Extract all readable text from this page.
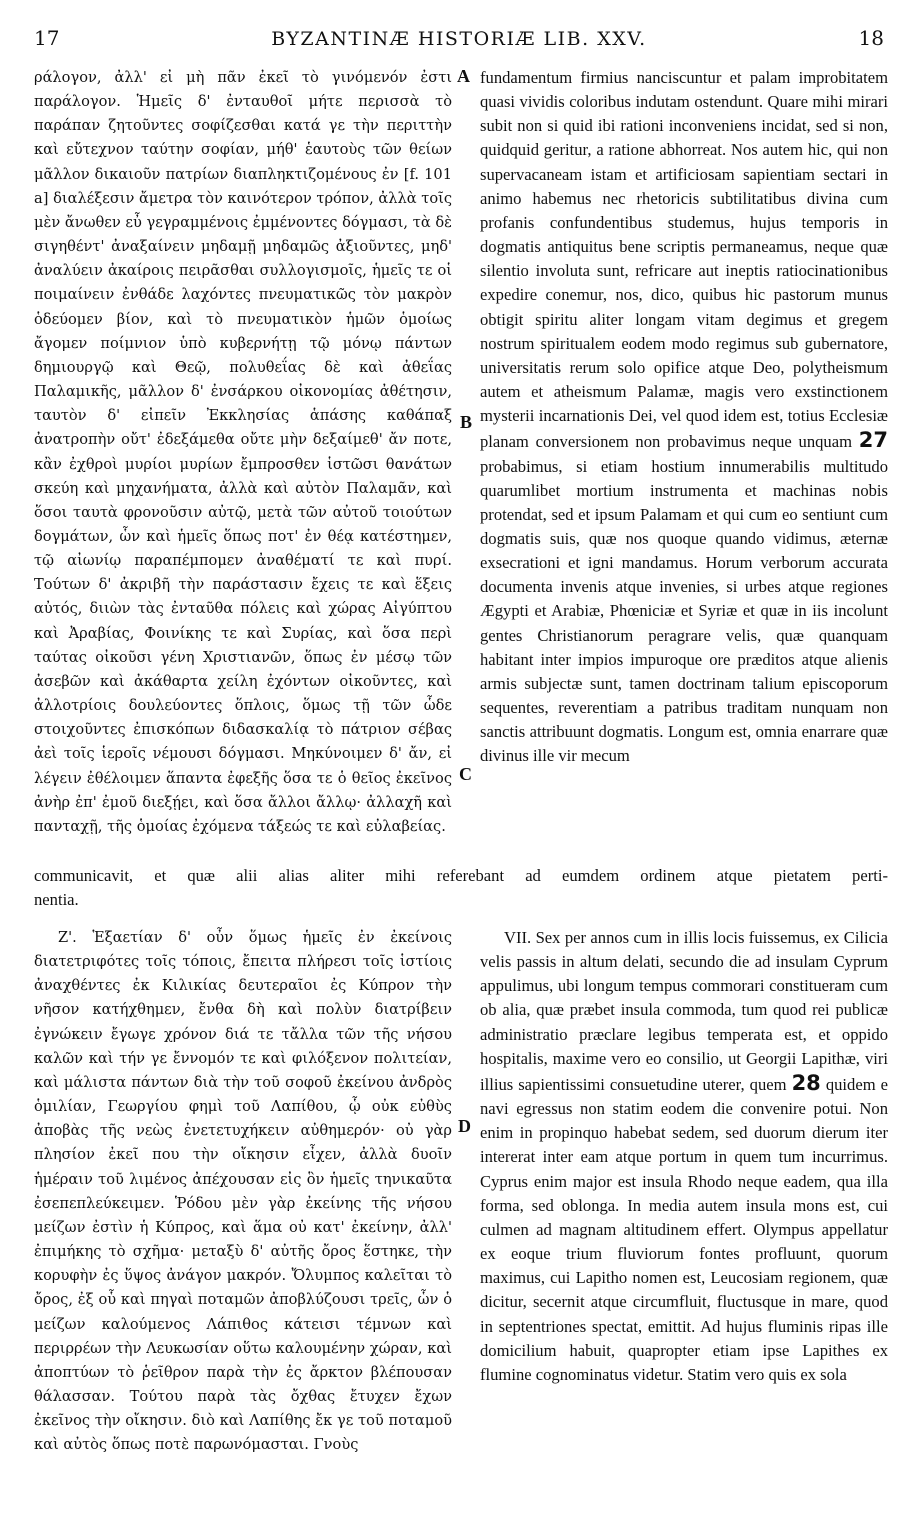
17	BYZANTINÆ HISTORIÆ LIB. XXV.	18

ράλογον, ἀλλ' εἰ μὴ πᾶν ἐκεῖ τὸ γινόμενόν ἐστι παράλογον. Ἡμεῖς δ' ἐνταυθοῖ μήτε περισσὰ τὸ παράπαν ζητοῦντες σοφίζεσθαι κατά γε τὴν περιττὴν καὶ εὔτεχνον ταύτην σοφίαν, μήθ' ἑαυτοὺς τῶν θείων μᾶλλον δικαιοῦν πατρίων διαπληκτιζομένους ἐν [f. 101 a] διαλέξεσιν ἄμετρα τὸν καινότερον τρόπον, ἀλλὰ τοῖς μὲν ἄνωθεν εὖ γεγραμμένοις ἐμμένοντες δόγμασι, τὰ δὲ σιγηθέντ' ἀναξαίνειν μηδαμῇ μηδαμῶς ἀξιοῦντες, μηδ' ἀναλύειν ἀκαίροις πειρᾶσθαι συλλογισμοῖς, ἡμεῖς τε οἱ ποιμαίνειν ἐνθάδε λαχόντες πνευματικῶς τὸν μακρὸν ὁδεύομεν βίον, καὶ τὸ πνευματικὸν ἡμῶν ὁμοίως ἄγομεν ποίμνιον ὑπὸ κυβερνήτῃ τῷ μόνῳ πάντων δημιουργῷ καὶ Θεῷ, πολυθεΐας δὲ καὶ ἀθεΐας Παλαμικῆς, μᾶλλον δ' ἐνσάρκου οἰκονομίας ἀθέτησιν, ταυτὸν δ' εἰπεῖν Ἐκκλησίας ἁπάσης καθάπαξ ἀνατροπὴν οὔτ' ἐδεξάμεθα οὔτε μὴν δεξαίμεθ' ἄν ποτε, κἂν ἐχθροὶ μυρίοι μυρίων ἔμπροσθεν ἱστῶσι θανάτων σκεύη καὶ μηχανήματα, ἀλλὰ καὶ αὐτὸν Παλαμᾶν, καὶ ὅσοι ταυτὰ φρονοῦσιν αὐτῷ, μετὰ τῶν αὐτοῦ τοιούτων δογμάτων, ὧν καὶ ἡμεῖς ὅπως ποτ' ἐν θέᾳ κατέστημεν, τῷ αἰωνίῳ παραπέμπομεν ἀναθέματί τε καὶ πυρί. Τούτων δ' ἀκριβῆ τὴν παράστασιν ἔχεις τε καὶ ἕξεις αὐτός, διιὼν τὰς ἐνταῦθα πόλεις καὶ χώρας Αἰγύπτου καὶ Ἀραβίας, Φοινίκης τε καὶ Συρίας, καὶ ὅσα περὶ ταύτας οἰκοῦσι γένη Χριστιανῶν, ὅπως ἐν μέσῳ τῶν ἀσεβῶν καὶ ἀκάθαρτα χείλη ἐχόντων οἰκοῦντες, καὶ ἀλλοτρίοις δουλεύοντες ὅπλοις, ὅμως τῇ τῶν ὧδε στοιχοῦντες ἐπισκόπων διδασκαλίᾳ τὸ πάτριον σέβας ἀεὶ τοῖς ἱεροῖς νέμουσι δόγμασι. Μηκύνοιμεν δ' ἄν, εἰ λέγειν ἐθέλοιμεν ἅπαντα ἐφεξῆς ὅσα τε ὁ θεῖος ἐκεῖνος ἀνὴρ ἐπ' ἐμοῦ διεξῄει, καὶ ὅσα ἄλλοι ἄλλῳ· ἀλλαχῆ καὶ πανταχῇ, τῆς ὁμοίας ἐχόμενα τάξεώς τε καὶ εὐλαβείας.

fundamentum firmius nanciscuntur et palam improbitatem quasi vividis coloribus indutam ostendunt. Quare mihi mirari subit non si quid ibi rationi inconveniens incidat, sed si non, quidquid geritur, a ratione abhorreat. Nos autem hic, qui non supervacaneam istam et artificiosam sapientiam sectari in animo habemus nec rhetoricis subtilitatibus divina cum profanis confundentibus studemus, hujus temporis in dogmatis antiquitus bene scriptis permaneamus, neque quæ silentio involuta sunt, refricare aut ineptis ratiocinationibus expedire conemur, nos, dico, quibus hic pastorum munus obtigit spiritu aliter longam vitam degimus et gregem nostrum spiritualem eodem modo regimus sub gubernatore, universitatis rerum solo opifice atque Deo, polytheismum autem et atheismum Palamæ, magis vero exstinctionem mysterii incarnationis Dei, vel quod idem est, totius Ecclesiæ planam conversionem non probavimus neque unquam 27 probabimus, si etiam hostium innumerabilis multitudo quarumlibet mortium instrumenta et machinas nobis protendat, sed et ipsum Palamam et qui cum eo sentiunt cum dogmatis suis, quæ nos quoque quando vidimus, æternæ exsecrationi et igni mandamus. Horum verborum accurata documenta invenis atque invenies, si urbes atque regiones Ægypti et Arabiæ, Phœniciæ et Syriæ et quæ in iis incolunt gentes Christianorum peragrare velis, quæ quanquam habitant inter impios impuroque ore præditos atque alienis armis subjectæ sunt, tamen doctrinam talium episcoporum sequentes, reverentiam a patribus traditam nunquam non sanctis attribuunt dogmatis. Longum est, omnia enarrare quæ divinus ille vir mecum

A
B
C
D

communicavit, et quæ alii alias aliter mihi referebant ad eumdem ordinem atque pietatem perti-

nentia.

Ζ'. Ἑξαετίαν δ' οὖν ὅμως ἡμεῖς ἐν ἐκείνοις διατετριφότες τοῖς τόποις, ἔπειτα πλήρεσι τοῖς ἱστίοις ἀναχθέντες ἐκ Κιλικίας δευτεραῖοι ἐς Κύπρον τὴν νῆσον κατήχθημεν, ἔνθα δὴ καὶ πολὺν διατρίβειν ἐγνώκειν ἔγωγε χρόνον διά τε τἄλλα τῶν τῆς νήσου καλῶν καὶ τήν γε ἔννομόν τε καὶ φιλόξενον πολιτείαν, καὶ μάλιστα πάντων διὰ τὴν τοῦ σοφοῦ ἐκείνου ἀνδρὸς ὁμιλίαν, Γεωργίου φημὶ τοῦ Λαπίθου, ᾧ οὐκ εὐθὺς ἀποβὰς τῆς νεὼς ἐνετετυχήκειν αὐθημερόν· οὐ γὰρ πλησίον ἐκεῖ που τὴν οἴκησιν εἶχεν, ἀλλὰ δυοῖν ἡμέραιν τοῦ λιμένος ἀπέχουσαν εἰς ὃν ἡμεῖς τηνικαῦτα ἐσεπεπλεύκειμεν. Ῥόδου μὲν γὰρ ἐκείνης τῆς νήσου μείζων ἐστὶν ἡ Κύπρος, καὶ ἅμα οὐ κατ' ἐκείνην, ἀλλ' ἐπιμήκης τὸ σχῆμα· μεταξὺ δ' αὐτῆς ὄρος ἕστηκε, τὴν κορυφὴν ἐς ὕψος ἀνάγον μακρόν. Ὄλυμπος καλεῖται τὸ ὄρος, ἐξ οὗ καὶ πηγαὶ ποταμῶν ἀποβλύζουσι τρεῖς, ὧν ὁ μείζων καλούμενος Λάπιθος κάτεισι τέμνων καὶ περιρρέων τὴν Λευκωσίαν οὕτω καλουμένην χώραν, καὶ ἀποπτύων τὸ ῥεῖθρον παρὰ τὴν ἐς ἄρκτον βλέπουσαν θάλασσαν. Τούτου παρὰ τὰς ὄχθας ἔτυχεν ἔχων ἐκεῖνος τὴν οἴκησιν. διὸ καὶ Λαπίθης ἔκ γε τοῦ ποταμοῦ καὶ αὐτὸς ὅπως ποτὲ παρωνόμασται. Γνοὺς

VII. Sex per annos cum in illis locis fuissemus, ex Cilicia velis passis in altum delati, secundo die ad insulam Cyprum appulimus, ubi longum tempus commorari constitueram cum ob alia, quæ præbet insula commoda, tum quod rei publicæ administratio præclare legibus temperata est, et oppido hospitalis, maxime vero eo consilio, ut Georgii Lapithæ, viri illius sapientissimi consuetudine uterer, quem 28 quidem e navi egressus non statim eodem die convenire potui. Non enim in propinquo habebat sedem, sed duorum dierum iter intererat inter eam atque portum in quem tum incurrimus. Cyprus enim major est insula Rhodo neque eadem, qua illa forma, sed oblonga. In media autem insula mons est, cui culmen ad magnam altitudinem effert. Olympus appellatur ex eoque trium fluviorum fontes profluunt, quorum maximus, cui Lapitho nomen est, Leucosiam regionem, quæ dicitur, secernit atque circumfluit, fluctusque in mare, quod in septentriones spectat, emittit. Ad hujus fluminis ripas ille domicilium habuit, quapropter etiam ipse Lapithes ex flumine cognominatus videtur. Statim vero quis ex sola
